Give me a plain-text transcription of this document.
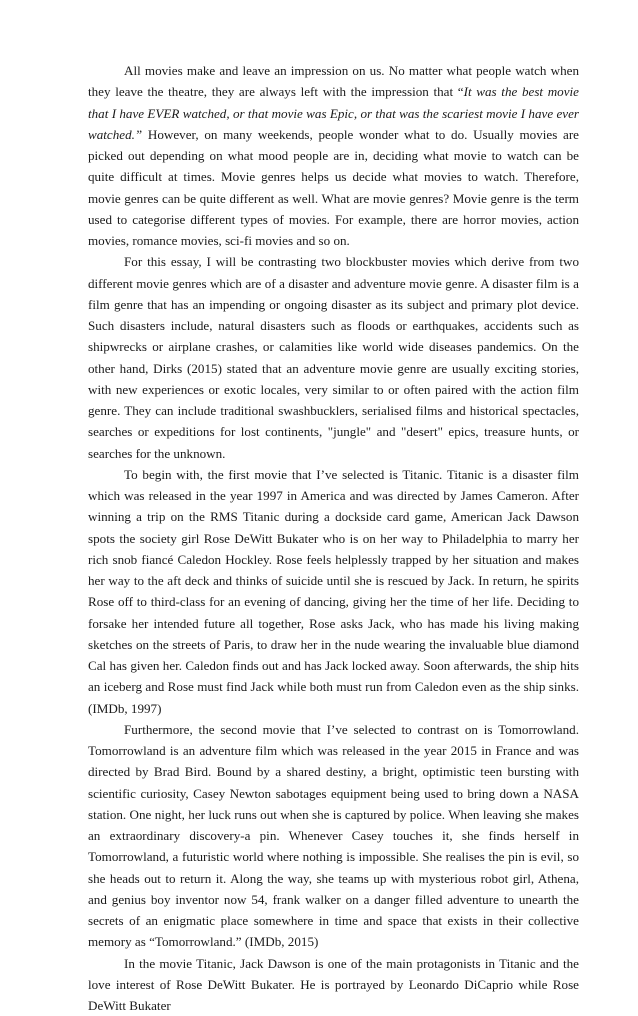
All movies make and leave an impression on us. No matter what people watch when they leave the theatre, they are always left with the impression that “It was the best movie that I have EVER watched, or that movie was Epic, or that was the scariest movie I have ever watched.” However, on many weekends, people wonder what to do. Usually movies are picked out depending on what mood people are in, deciding what movie to watch can be quite difficult at times. Movie genres helps us decide what movies to watch. Therefore, movie genres can be quite different as well. What are movie genres? Movie genre is the term used to categorise different types of movies. For example, there are horror movies, action movies, romance movies, sci-fi movies and so on.

For this essay, I will be contrasting two blockbuster movies which derive from two different movie genres which are of a disaster and adventure movie genre. A disaster film is a film genre that has an impending or ongoing disaster as its subject and primary plot device. Such disasters include, natural disasters such as floods or earthquakes, accidents such as shipwrecks or airplane crashes, or calamities like world wide diseases pandemics. On the other hand, Dirks (2015) stated that an adventure movie genre are usually exciting stories, with new experiences or exotic locales, very similar to or often paired with the action film genre. They can include traditional swashbucklers, serialised films and historical spectacles, searches or expeditions for lost continents, "jungle" and "desert" epics, treasure hunts, or searches for the unknown.

To begin with, the first movie that I’ve selected is Titanic. Titanic is a disaster film which was released in the year 1997 in America and was directed by James Cameron. After winning a trip on the RMS Titanic during a dockside card game, American Jack Dawson spots the society girl Rose DeWitt Bukater who is on her way to Philadelphia to marry her rich snob fiancé Caledon Hockley. Rose feels helplessly trapped by her situation and makes her way to the aft deck and thinks of suicide until she is rescued by Jack. In return, he spirits Rose off to third-class for an evening of dancing, giving her the time of her life. Deciding to forsake her intended future all together, Rose asks Jack, who has made his living making sketches on the streets of Paris, to draw her in the nude wearing the invaluable blue diamond Cal has given her. Caledon finds out and has Jack locked away. Soon afterwards, the ship hits an iceberg and Rose must find Jack while both must run from Caledon even as the ship sinks. (IMDb, 1997)

Furthermore, the second movie that I’ve selected to contrast on is Tomorrowland. Tomorrowland is an adventure film which was released in the year 2015 in France and was directed by Brad Bird. Bound by a shared destiny, a bright, optimistic teen bursting with scientific curiosity, Casey Newton sabotages equipment being used to bring down a NASA station. One night, her luck runs out when she is captured by police. When leaving she makes an extraordinary discovery-a pin. Whenever Casey touches it, she finds herself in Tomorrowland, a futuristic world where nothing is impossible. She realises the pin is evil, so she heads out to return it. Along the way, she teams up with mysterious robot girl, Athena, and genius boy inventor now 54, frank walker on a danger filled adventure to unearth the secrets of an enigmatic place somewhere in time and space that exists in their collective memory as “Tomorrowland.” (IMDb, 2015)

In the movie Titanic, Jack Dawson is one of the main protagonists in Titanic and the love interest of Rose DeWitt Bukater. He is portrayed by Leonardo DiCaprio while Rose DeWitt Bukater
